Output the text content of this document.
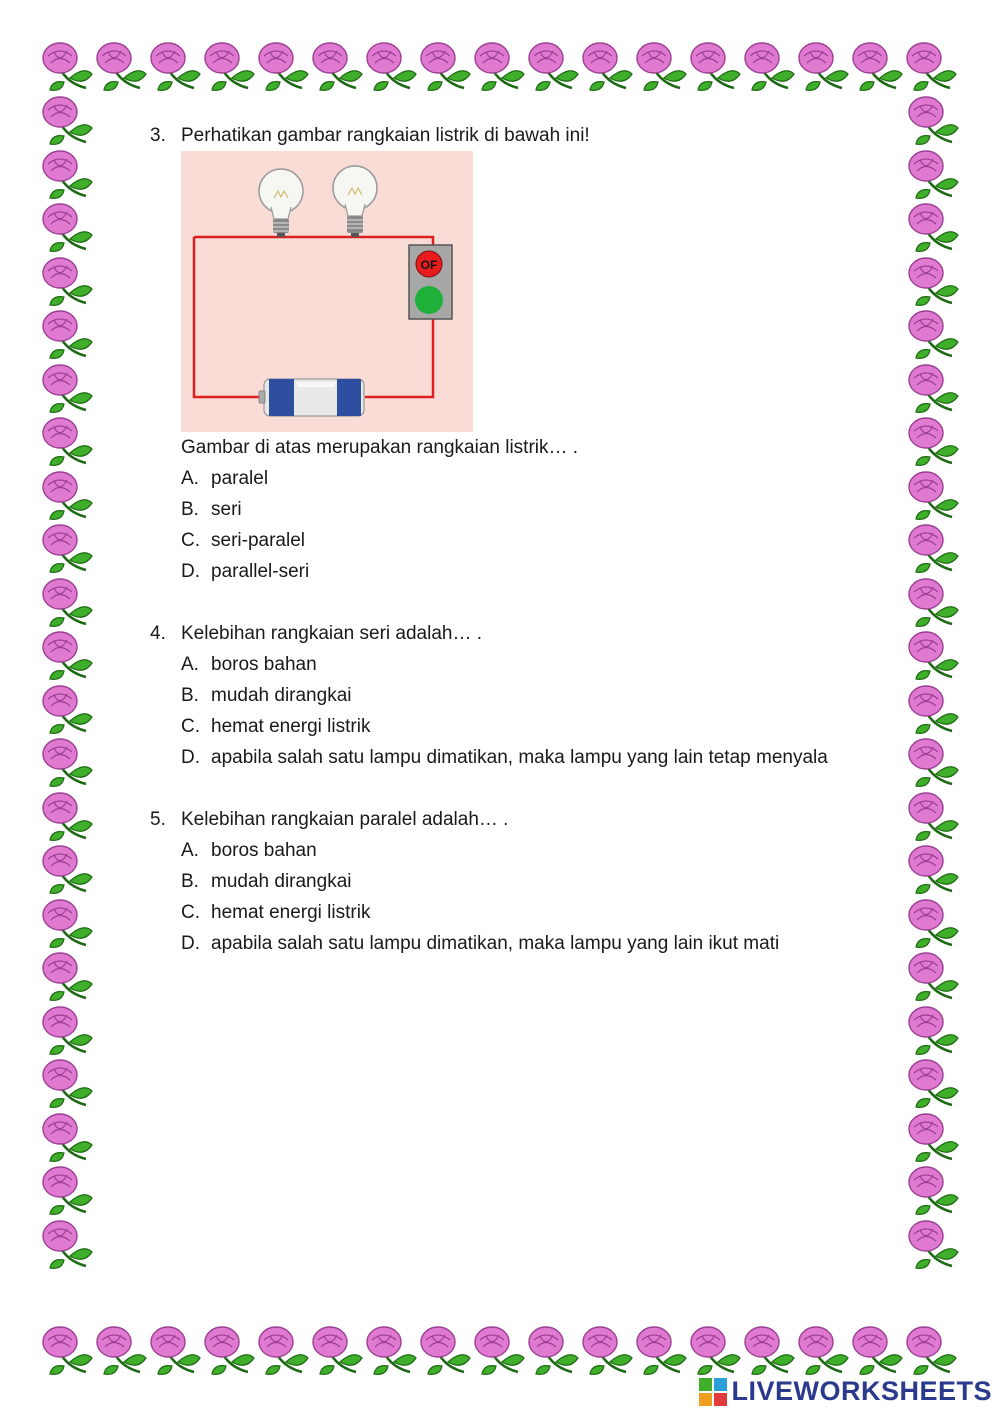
3. Perhatikan gambar rangkaian listrik di bawah ini!
OF
Gambar di atas merupakan rangkaian listrik… .
A. paralel
B. seri
C. seri-paralel
D. parallel-seri
4. Kelebihan rangkaian seri adalah… .
A. boros bahan
B. mudah dirangkai
C. hemat energi listrik
D. apabila salah satu lampu dimatikan, maka lampu yang lain tetap menyala
5. Kelebihan rangkaian paralel adalah… .
A. boros bahan
B. mudah dirangkai
C. hemat energi listrik
D. apabila salah satu lampu dimatikan, maka lampu yang lain ikut mati
LIVEWORKSHEETS
